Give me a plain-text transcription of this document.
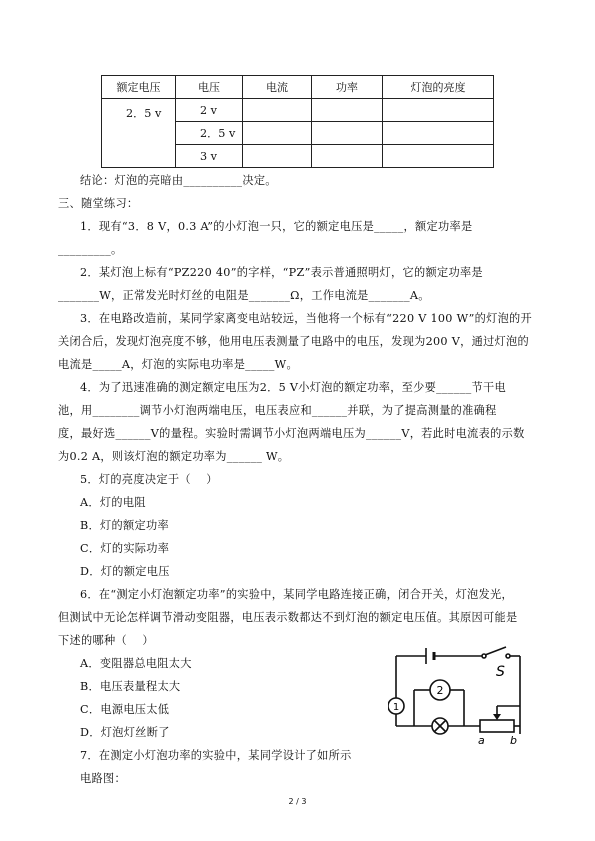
额定电压	电压	电流	功率	灯泡的亮度
2．5 v	2 v			
	2．5 v			
	3 v			
结论：灯泡的亮暗由__________决定。
三、随堂练习：
1．现有“3．8 V，0.3 A”的小灯泡一只，它的额定电压是_____，额定功率是
_________。
2．某灯泡上标有“PZ220 40”的字样，“PZ”表示普通照明灯，它的额定功率是
_______W，正常发光时灯丝的电阻是_______Ω，工作电流是_______A。
3．在电路改造前，某同学家离变电站较远，当他将一个标有“220 V 100 W”的灯泡的开
关闭合后，发现灯泡亮度不够，他用电压表测量了电路中的电压，发现为200 V，通过灯泡的
电流是_____A，灯泡的实际电功率是_____W。
4．为了迅速准确的测定额定电压为2．5 V小灯泡的额定功率，至少要______节干电
池，用________调节小灯泡两端电压，电压表应和______并联，为了提高测量的准确程
度，最好选______V的量程。实验时需调节小灯泡两端电压为______V，若此时电流表的示数
为0.2 A，则该灯泡的额定功率为______ W。
5．灯的亮度决定于（    ）
A．灯的电阻
B．灯的额定功率
C．灯的实际功率
D．灯的额定电压
6．在“测定小灯泡额定功率”的实验中，某同学电路连接正确，闭合开关，灯泡发光，
但测试中无论怎样调节滑动变阻器，电压表示数都达不到灯泡的额定电压值。其原因可能是
下述的哪种（    ）
A．变阻器总电阻太大
B．电压表量程太大
C．电源电压太低
D．灯泡灯丝断了
7．在测定小灯泡功率的实验中，某同学设计了如所示
电路图：
1
2
S
a b
2 / 3
